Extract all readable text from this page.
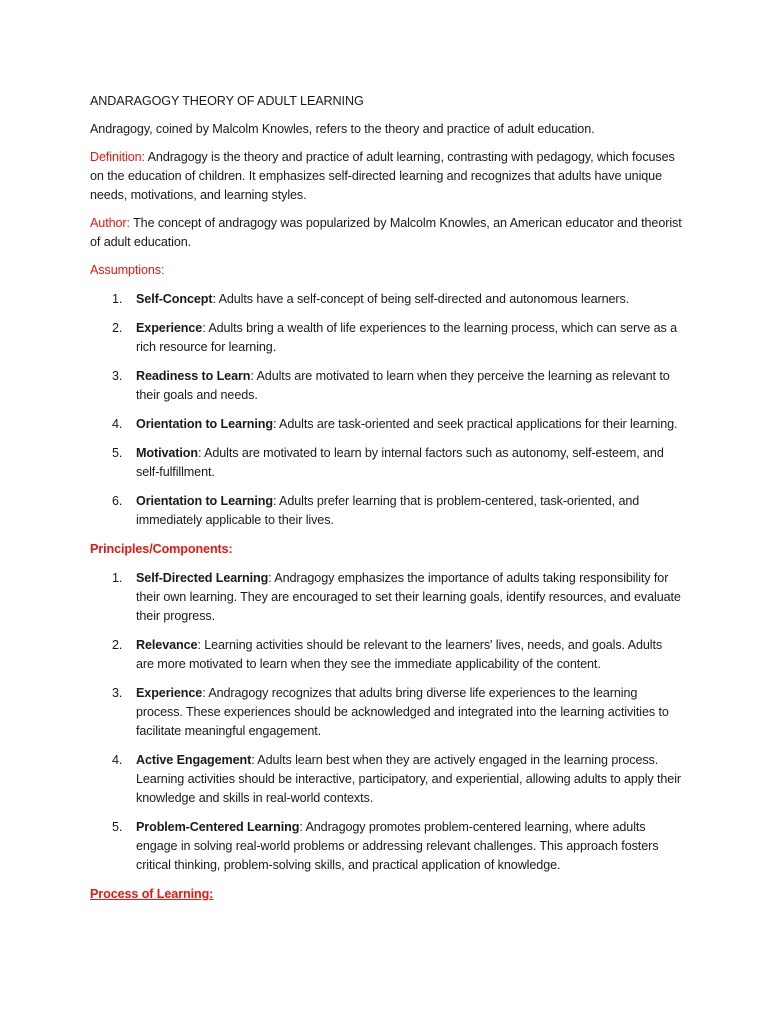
ANDARAGOGY THEORY OF ADULT LEARNING

Andragogy, coined by Malcolm Knowles, refers to the theory and practice of adult education.

Definition: Andragogy is the theory and practice of adult learning, contrasting with pedagogy, which focuses on the education of children. It emphasizes self-directed learning and recognizes that adults have unique needs, motivations, and learning styles.

Author: The concept of andragogy was popularized by Malcolm Knowles, an American educator and theorist of adult education.

Assumptions:

1. Self-Concept: Adults have a self-concept of being self-directed and autonomous learners.
2. Experience: Adults bring a wealth of life experiences to the learning process, which can serve as a rich resource for learning.
3. Readiness to Learn: Adults are motivated to learn when they perceive the learning as relevant to their goals and needs.
4. Orientation to Learning: Adults are task-oriented and seek practical applications for their learning.
5. Motivation: Adults are motivated to learn by internal factors such as autonomy, self-esteem, and self-fulfillment.
6. Orientation to Learning: Adults prefer learning that is problem-centered, task-oriented, and immediately applicable to their lives.

Principles/Components:

1. Self-Directed Learning: Andragogy emphasizes the importance of adults taking responsibility for their own learning. They are encouraged to set their learning goals, identify resources, and evaluate their progress.
2. Relevance: Learning activities should be relevant to the learners' lives, needs, and goals. Adults are more motivated to learn when they see the immediate applicability of the content.
3. Experience: Andragogy recognizes that adults bring diverse life experiences to the learning process. These experiences should be acknowledged and integrated into the learning activities to facilitate meaningful engagement.
4. Active Engagement: Adults learn best when they are actively engaged in the learning process. Learning activities should be interactive, participatory, and experiential, allowing adults to apply their knowledge and skills in real-world contexts.
5. Problem-Centered Learning: Andragogy promotes problem-centered learning, where adults engage in solving real-world problems or addressing relevant challenges. This approach fosters critical thinking, problem-solving skills, and practical application of knowledge.

Process of Learning:
